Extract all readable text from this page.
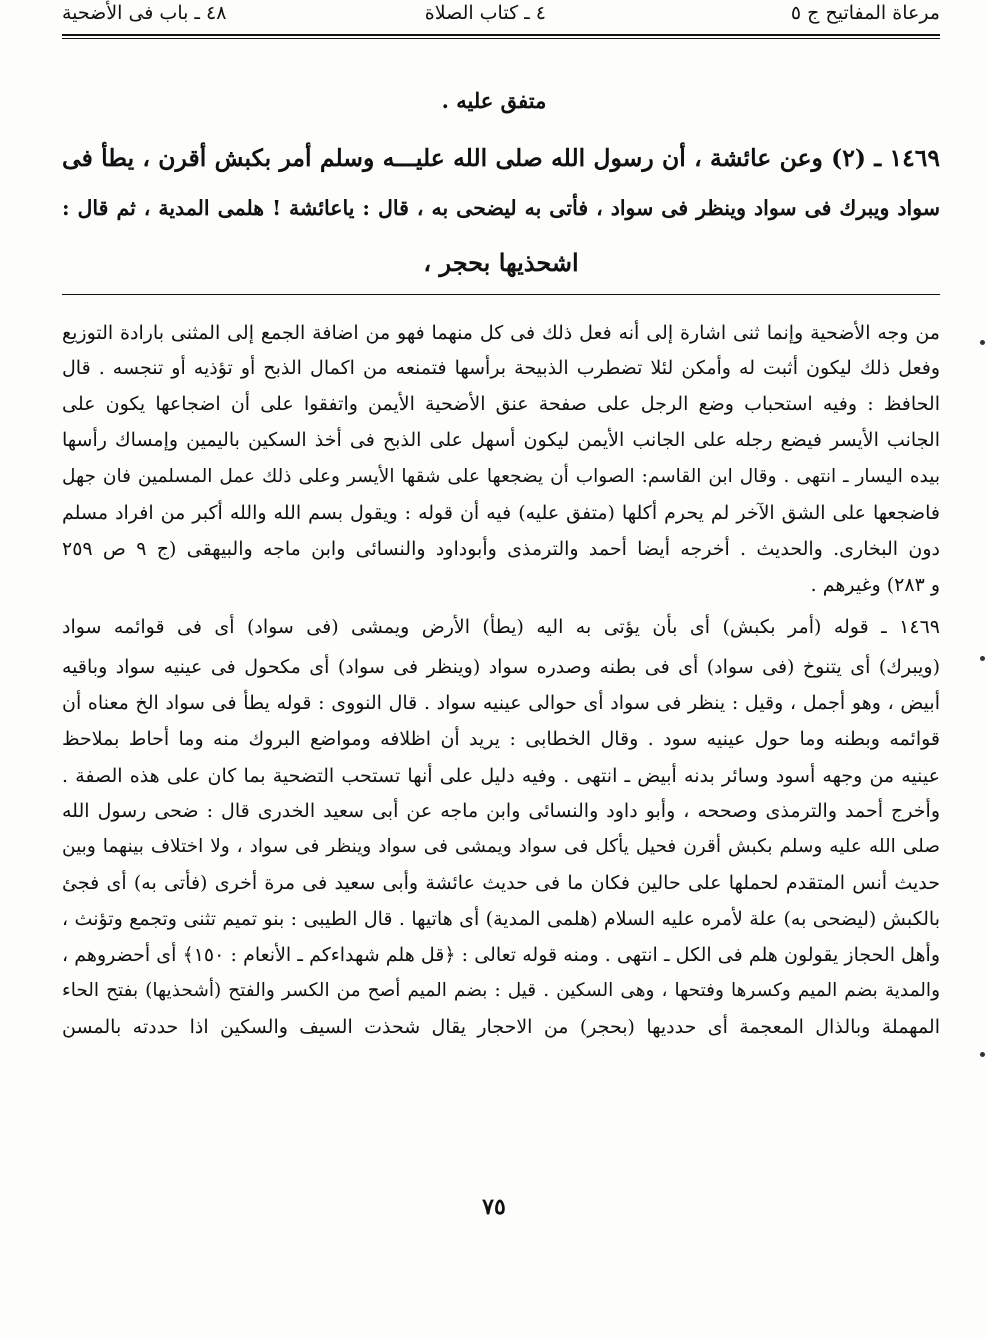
مرعاة المفاتيح ج ٥
٤ ـ كتاب الصلاة
٤٨ ـ باب فى الأضحية
متفق عليه .
١٤٦٩ ـ (٢) وعن عائشة ، أن رسول الله صلى الله عليـــه وسلم أمر بكبش أقرن ، يطأ فى
سواد ويبرك فى سواد وينظر فى سواد ، فأتى به ليضحى به ، قال : ياعائشة ! هلمى المدية ، ثم قال :
اشحذيها بحجر ،
من وجه الأضحية وإنما ثنى اشارة إلى أنه فعل ذلك فى كل منهما فهو من اضافة الجمع إلى المثنى بارادة التوزيع
وفعل ذلك ليكون أثبت له وأمكن لئلا تضطرب الذبيحة برأسها فتمنعه من اكمال الذبح أو تؤذيه أو تنجسه . قال
الحافظ : وفيه استحباب وضع الرجل على صفحة عنق الأضحية الأيمن واتفقوا على أن اضجاعها يكون على
الجانب الأيسر فيضع رجله على الجانب الأيمن ليكون أسهل على الذبح فى أخذ السكين باليمين وإمساك رأسها
بيده اليسار ـ انتهى . وقال ابن القاسم: الصواب أن يضجعها على شقها الأيسر وعلى ذلك عمل المسلمين فان جهل
فاضجعها على الشق الآخر لم يحرم أكلها (متفق عليه) فيه أن قوله : ويقول بسم الله والله أكبر من افراد مسلم
دون البخارى. والحديث . أخرجه أيضا أحمد والترمذى وأبوداود والنسائى وابن ماجه والبيهقى (ج ٩ ص ٢٥٩
و ٢٨٣) وغيرهم .
١٤٦٩ ـ قوله (أمر بكبش) أى بأن يؤتى به اليه (يطأ) الأرض ويمشى (فى سواد) أى فى قوائمه سواد
(ويبرك) أى يتنوخ (فى سواد) أى فى بطنه وصدره سواد (وينظر فى سواد) أى مكحول فى عينيه سواد وباقيه
أبيض ، وهو أجمل ، وقيل : ينظر فى سواد أى حوالى عينيه سواد . قال النووى : قوله يطأ فى سواد الخ معناه أن
قوائمه وبطنه وما حول عينيه سود . وقال الخطابى : يريد أن اظلافه ومواضع البروك منه وما أحاط بملاحظ
عينيه من وجهه أسود وسائر بدنه أبيض ـ انتهى . وفيه دليل على أنها تستحب التضحية بما كان على هذه الصفة .
وأخرج أحمد والترمذى وصححه ، وأبو داود والنسائى وابن ماجه عن أبى سعيد الخدرى قال : ضحى رسول الله
صلى الله عليه وسلم بكبش أقرن فحيل يأكل فى سواد ويمشى فى سواد وينظر فى سواد ، ولا اختلاف بينهما وبين
حديث أنس المتقدم لحملها على حالين فكان ما فى حديث عائشة وأبى سعيد فى مرة أخرى (فأتى به) أى فجئ
بالكبش (ليضحى به) علة لأمره عليه السلام (هلمى المدية) أى هاتيها . قال الطيبى : بنو تميم تثنى وتجمع وتؤنث ،
وأهل الحجاز يقولون هلم فى الكل ـ انتهى . ومنه قوله تعالى : ﴿قل هلم شهداءكم ـ الأنعام : ١٥٠﴾ أى أحضروهم ،
والمدية بضم الميم وكسرها وفتحها ، وهى السكين . قيل : بضم الميم أصح من الكسر والفتح (أشحذيها) بفتح الحاء
المهملة وبالذال المعجمة أى حدديها (بحجر) من الاحجار يقال شحذت السيف والسكين اذا حددته بالمسن
٧٥
